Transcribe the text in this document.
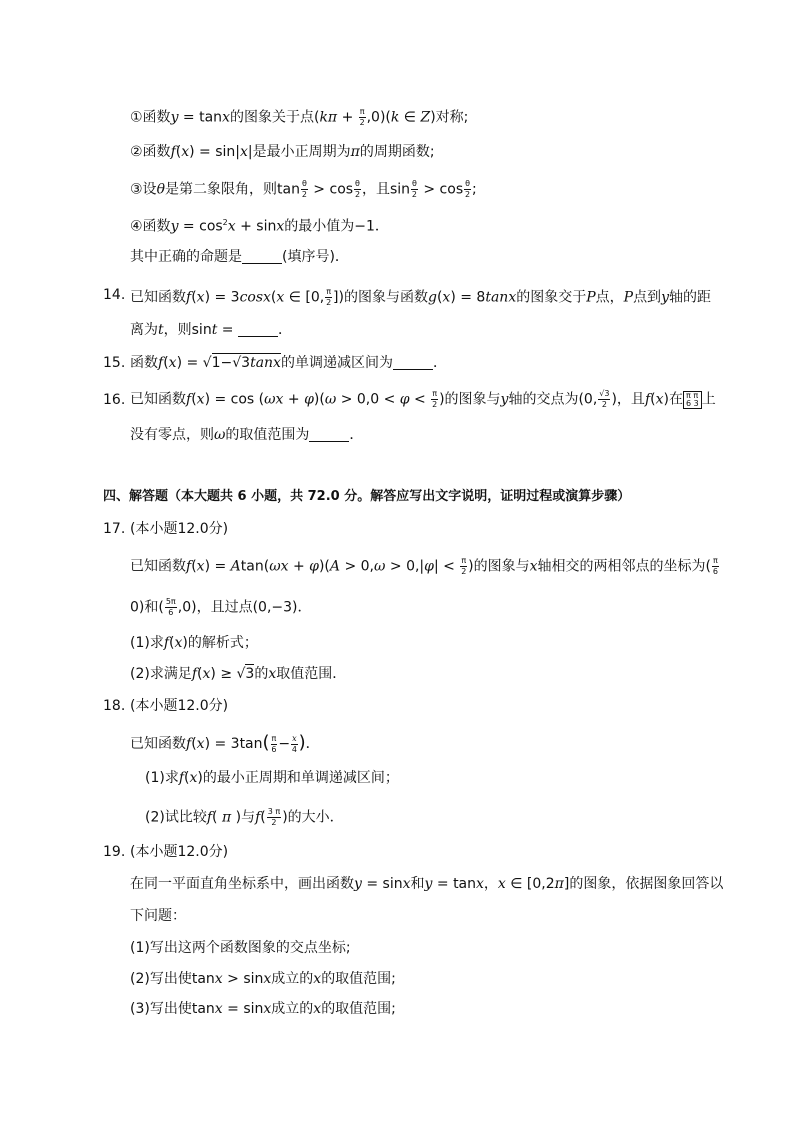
①函数y = tanx的图象关于点$(k\pi + \frac{\pi}{2} ,0)(k$ ∈ Z)对称;
②函数f(x) = sin|x|是最小正周期为π的周期函数;
③设θ是第二象限角，则$\tan \frac{\theta}{2} > \cos \frac{\theta}{2}$ ，且$\sin \frac{\theta}{2} > \cos \frac{\theta}{2}$ ;
④函数$y = \cos^2x + \sin x$的最小值为−1．
其中正确的命题是	(填序号)．
14. 已知函数f(x) = 3cosx(x ∈ [0, $\frac{\pi}{2}$ ])的图象与函数g(x) = 8tanx的图象交于P点，P点到y轴的距
离为t，则sint =	．
15. 函数f(x) = √1−√3tanx的单调递减区间为	．
16. 已知函数$f(x) = \cos (\omega x + \varphi)(\omega > 0,0 < \varphi < \frac{\pi}{2}$ )的图象与y轴的交点为(0, $\frac{√3}{2}$ )，且f(x)在 π π
6 3 上
没有零点，则ω的取值范围为	．
四、解答题（本大题共 6 小题，共 72.0 分。解答应写出文字说明，证明过程或演算步骤）
17. (本小题12.0分)
已知函数$f(x) = Atan(\omega x + \varphi)(A > 0,\omega > 0,|\varphi| < \frac{\pi}{2}$ )的图象与x轴相交的两相邻点的坐标为( $\frac{\pi}{6}$
0)和( $\frac{5\pi}{6} ,0$)，且过点(0,−3)．
(1)求f(x)的解析式；
(2)求满足f(x) ≥ √3的x取值范围．
18. (本小题12.0分)
已知函数$f(x) = 3\tan( \frac{\pi}{6} - \frac{x}{4}$ )．
(1)求f(x)的最小正周期和单调递减区间；
(2)试比较f( π )与$f( \frac{3 \pi}{2}$ )的大小．
19. (本小题12.0分)
在同一平面直角坐标系中，画出函数y = sinx和y = tanx，x ∈ [0,2π]的图象，依据图象回答以
下问题：
(1)写出这两个函数图象的交点坐标;
(2)写出使tanx > sinx成立的x的取值范围;
(3)写出使tanx = sinx成立的x的取值范围;
